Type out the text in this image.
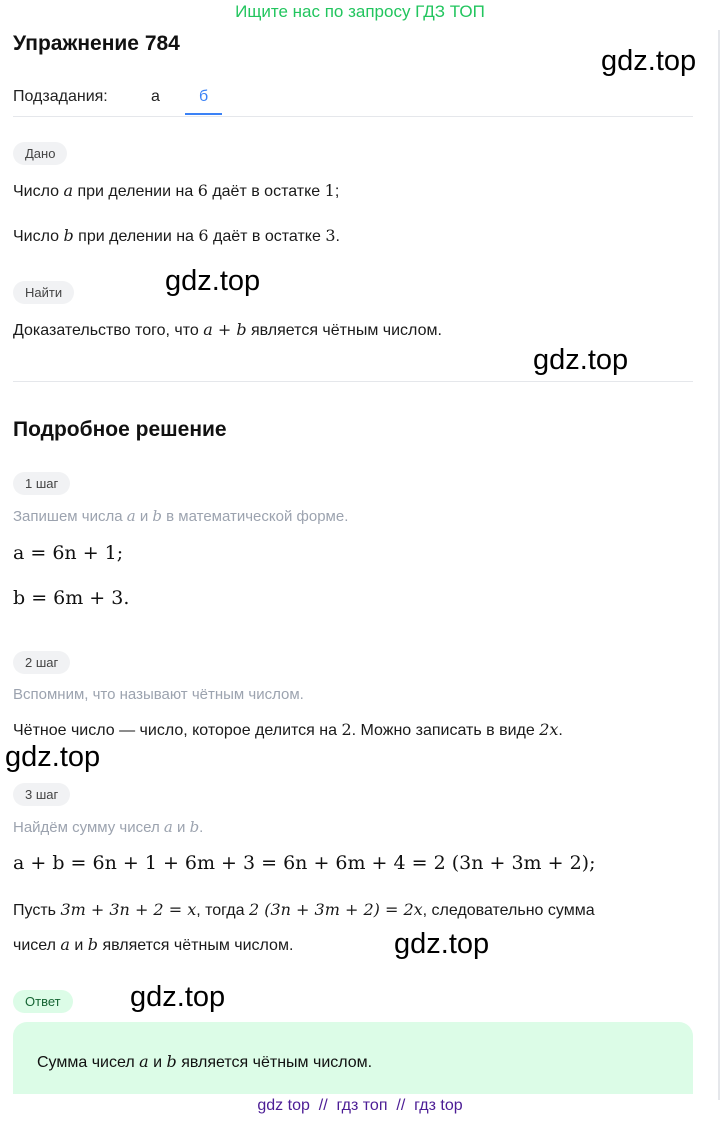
Ищите нас по запросу ГДЗ ТОП
Упражнение 784
gdz.top
Подзадания:	а	б
Дано
Число a при делении на 6 даёт в остатке 1;
Число b при делении на 6 даёт в остатке 3.
gdz.top
Найти
Доказательство того, что a + b является чётным числом.
gdz.top
Подробное решение
1 шаг
Запишем числа a и b в математической форме.
a = 6n + 1;
b = 6m + 3.
2 шаг
Вспомним, что называют чётным числом.
Чётное число — число, которое делится на 2. Можно записать в виде 2x.
gdz.top
3 шаг
Найдём сумму чисел a и b.
a + b = 6n + 1 + 6m + 3 = 6n + 6m + 4 = 2 (3n + 3m + 2);
Пусть 3m + 3n + 2 = x, тогда 2 (3n + 3m + 2) = 2x, следовательно сумма
чисел a и b является чётным числом.	gdz.top
Ответ	gdz.top
Сумма чисел a и b является чётным числом.
gdz top  //  гдз топ  //  гдз top
